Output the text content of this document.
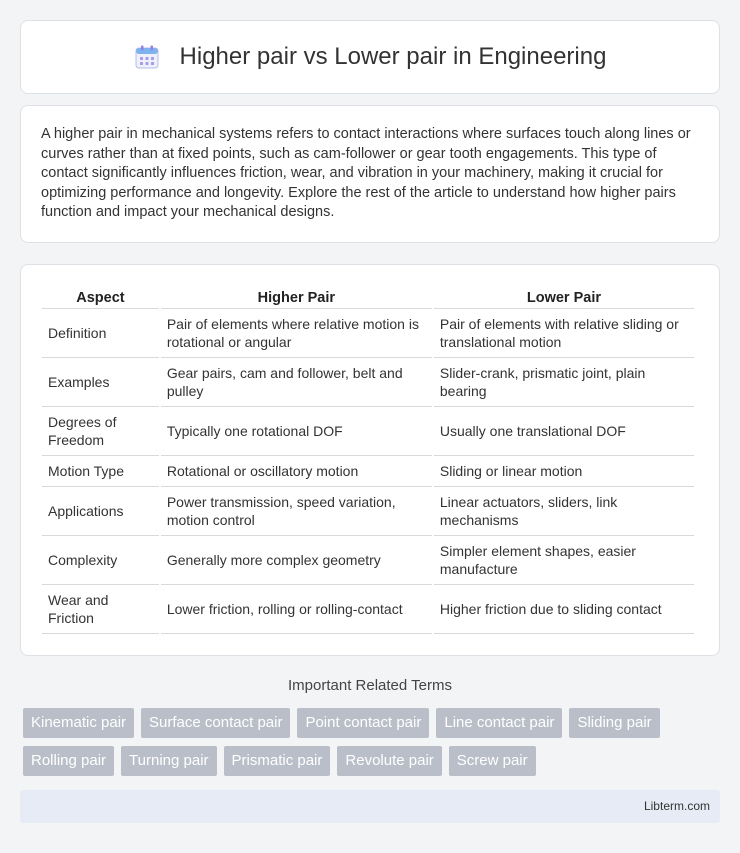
Higher pair vs Lower pair in Engineering

A higher pair in mechanical systems refers to contact interactions where surfaces touch along lines or curves rather than at fixed points, such as cam-follower or gear tooth engagements. This type of contact significantly influences friction, wear, and vibration in your machinery, making it crucial for optimizing performance and longevity. Explore the rest of the article to understand how higher pairs function and impact your mechanical designs.

Aspect	Higher Pair	Lower Pair
Definition	Pair of elements where relative motion is rotational or angular	Pair of elements with relative sliding or translational motion
Examples	Gear pairs, cam and follower, belt and pulley	Slider-crank, prismatic joint, plain bearing
Degrees of Freedom	Typically one rotational DOF	Usually one translational DOF
Motion Type	Rotational or oscillatory motion	Sliding or linear motion
Applications	Power transmission, speed variation, motion control	Linear actuators, sliders, link mechanisms
Complexity	Generally more complex geometry	Simpler element shapes, easier manufacture
Wear and Friction	Lower friction, rolling or rolling-contact	Higher friction due to sliding contact
Important Related Terms
Kinematic pair	Surface contact pair	Point contact pair	Line contact pair	Sliding pair
Rolling pair	Turning pair	Prismatic pair	Revolute pair	Screw pair
Libterm.com
